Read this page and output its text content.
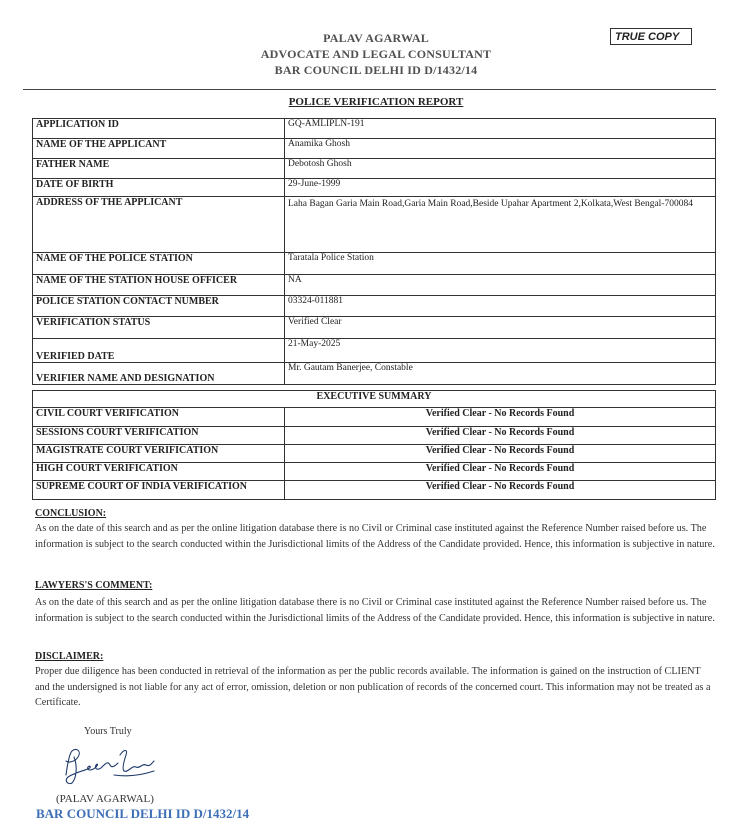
PALAV AGARWAL
ADVOCATE AND LEGAL CONSULTANT
BAR COUNCIL DELHI ID D/1432/14
TRUE COPY
POLICE VERIFICATION REPORT
APPLICATION ID	GQ-AMLIPLN-191
NAME OF THE APPLICANT	Anamika Ghosh
FATHER NAME	Debotosh Ghosh
DATE OF BIRTH	29-June-1999
ADDRESS OF THE APPLICANT	Laha Bagan Garia Main Road,Garia Main Road,Beside Upahar Apartment 2,Kolkata,West Bengal-700084
NAME OF THE POLICE STATION	Taratala Police Station
NAME OF THE STATION HOUSE OFFICER	NA
POLICE STATION CONTACT NUMBER	03324-011881
VERIFICATION STATUS	Verified Clear
VERIFIED DATE	21-May-2025
VERIFIER NAME AND DESIGNATION	Mr. Gautam Banerjee, Constable
EXECUTIVE SUMMARY	
CIVIL COURT VERIFICATION	Verified Clear - No Records Found
SESSIONS COURT VERIFICATION	Verified Clear - No Records Found
MAGISTRATE COURT VERIFICATION	Verified Clear - No Records Found
HIGH COURT VERIFICATION	Verified Clear - No Records Found
SUPREME COURT OF INDIA VERIFICATION	Verified Clear - No Records Found
CONCLUSION:
As on the date of this search and as per the online litigation database there is no Civil or Criminal case instituted against the Reference Number raised before us. The information is subject to the search conducted within the Jurisdictional limits of the Address of the Candidate provided. Hence, this information is subjective in nature.
LAWYERS'S COMMENT:
As on the date of this search and as per the online litigation database there is no Civil or Criminal case instituted against the Reference Number raised before us. The information is subject to the search conducted within the Jurisdictional limits of the Address of the Candidate provided. Hence, this information is subjective in nature.
DISCLAIMER:
Proper due diligence has been conducted in retrieval of the information as per the public records available. The information is gained on the instruction of CLIENT and the undersigned is not liable for any act of error, omission, deletion or non publication of records of the concerned court. This information may not be treated as a Certificate.
Yours Truly
(PALAV AGARWAL)
BAR COUNCIL DELHI ID D/1432/14
